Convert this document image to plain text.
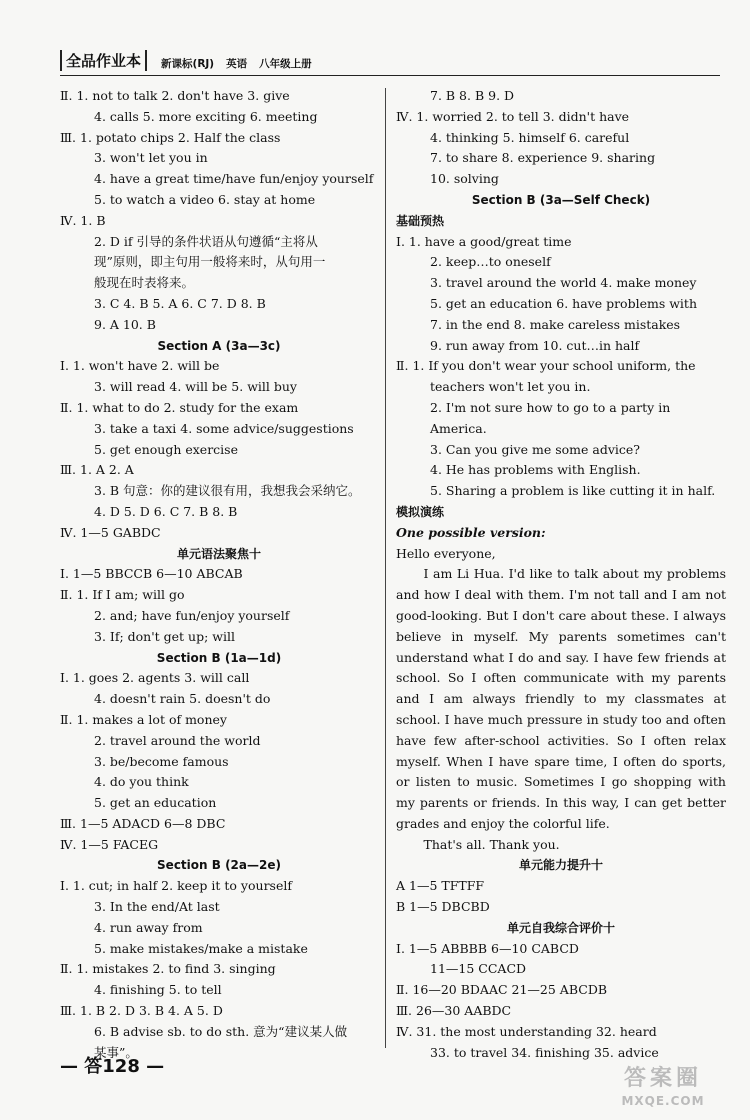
全品作业本	新课标(RJ) 英语 八年级上册
Ⅱ. 1. not to talk 2. don't have 3. give
4. calls 5. more exciting 6. meeting
Ⅲ. 1. potato chips 2. Half the class
3. won't let you in
4. have a great time/have fun/enjoy yourself
5. to watch a video 6. stay at home
Ⅳ. 1. B
2. D if 引导的条件状语从句遵循“主将从
现”原则，即主句用一般将来时，从句用一
般现在时表将来。
3. C 4. B 5. A 6. C 7. D 8. B
9. A 10. B
Section A (3a—3c)
Ⅰ. 1. won't have 2. will be
3. will read 4. will be 5. will buy
Ⅱ. 1. what to do 2. study for the exam
3. take a taxi 4. some advice/suggestions
5. get enough exercise
Ⅲ. 1. A 2. A
3. B 句意：你的建议很有用，我想我会采纳它。
4. D 5. D 6. C 7. B 8. B
Ⅳ. 1—5 GABDC
单元语法聚焦十
Ⅰ. 1—5 BBCCB 6—10 ABCAB
Ⅱ. 1. If I am; will go
2. and; have fun/enjoy yourself
3. If; don't get up; will
Section B (1a—1d)
Ⅰ. 1. goes 2. agents 3. will call
4. doesn't rain 5. doesn't do
Ⅱ. 1. makes a lot of money
2. travel around the world
3. be/become famous
4. do you think
5. get an education
Ⅲ. 1—5 ADACD 6—8 DBC
Ⅳ. 1—5 FACEG
Section B (2a—2e)
Ⅰ. 1. cut; in half 2. keep it to yourself
3. In the end/At last
4. run away from
5. make mistakes/make a mistake
Ⅱ. 1. mistakes 2. to find 3. singing
4. finishing 5. to tell
Ⅲ. 1. B 2. D 3. B 4. A 5. D
6. B advise sb. to do sth. 意为“建议某人做
某事”。
7. B 8. B 9. D
Ⅳ. 1. worried 2. to tell 3. didn't have
4. thinking 5. himself 6. careful
7. to share 8. experience 9. sharing
10. solving
Section B (3a—Self Check)
基础预热
Ⅰ. 1. have a good/great time
2. keep…to oneself
3. travel around the world 4. make money
5. get an education 6. have problems with
7. in the end 8. make careless mistakes
9. run away from 10. cut…in half
Ⅱ. 1. If you don't wear your school uniform, the
teachers won't let you in.
2. I'm not sure how to go to a party in
America.
3. Can you give me some advice?
4. He has problems with English.
5. Sharing a problem is like cutting it in half.
模拟演练
One possible version:
Hello everyone,
I am Li Hua. I'd like to talk about my problems and how I deal with them. I'm not tall and I am not good-looking. But I don't care about these. I always believe in myself. My parents sometimes can't understand what I do and say. I have few friends at school. So I often communicate with my parents and I am always friendly to my classmates at school. I have much pressure in study too and often have few after-school activities. So I often relax myself. When I have spare time, I often do sports, or listen to music. Sometimes I go shopping with my parents or friends. In this way, I can get better grades and enjoy the colorful life.
That's all. Thank you.
单元能力提升十
A 1—5 TFTFF
B 1—5 DBCBD
单元自我综合评价十
Ⅰ. 1—5 ABBBB 6—10 CABCD
11—15 CCACD
Ⅱ. 16—20 BDAAC 21—25 ABCDB
Ⅲ. 26—30 AABDC
Ⅳ. 31. the most understanding 32. heard
33. to travel 34. finishing 35. advice
— 答128 —	答案圈
MXQE.COM
